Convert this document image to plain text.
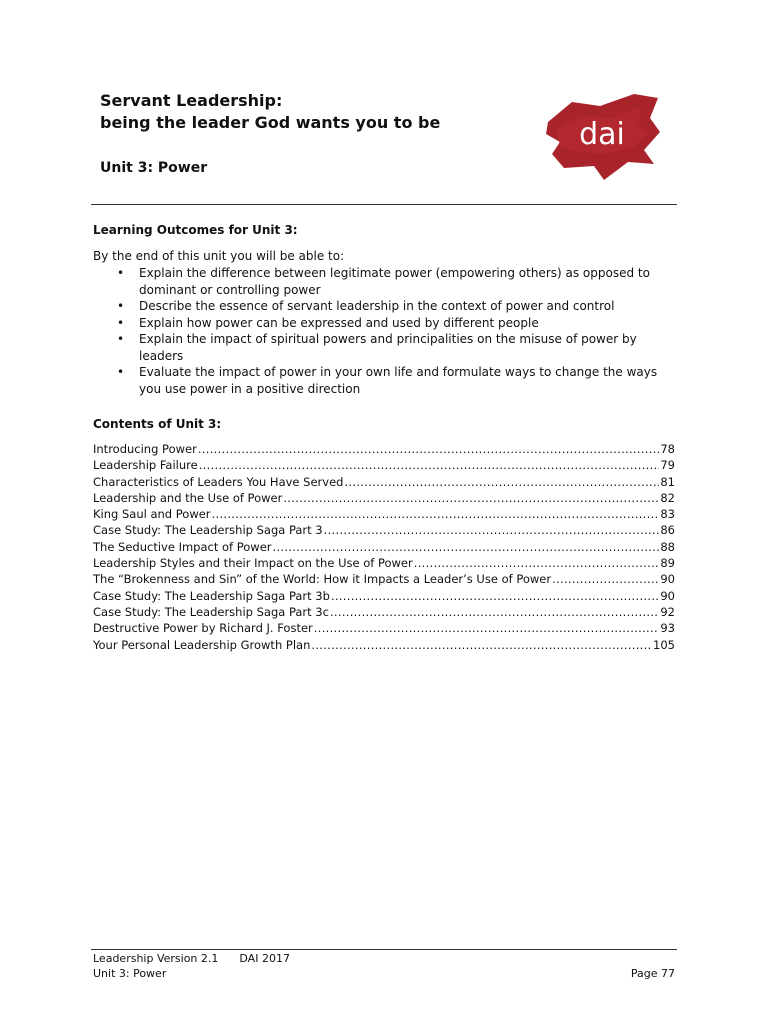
Servant Leadership:
being the leader God wants you to be
Unit 3: Power
dai
Learning Outcomes for Unit 3:
By the end of this unit you will be able to:
• Explain the difference between legitimate power (empowering others) as opposed to dominant or controlling power
• Describe the essence of servant leadership in the context of power and control
• Explain how power can be expressed and used by different people
• Explain the impact of spiritual powers and principalities on the misuse of power by leaders
• Evaluate the impact of power in your own life and formulate ways to change the ways you use power in a positive direction
Contents of Unit 3:
Introducing Power .....	78
Leadership Failure .....	79
Characteristics of Leaders You Have Served .....	81
Leadership and the Use of Power .....	82
King Saul and Power .....	83
Case Study: The Leadership Saga Part 3 .....	86
The Seductive Impact of Power .....	88
Leadership Styles and their Impact on the Use of Power .....	89
The “Brokenness and Sin” of the World: How it Impacts a Leader’s Use of Power .....	90
Case Study: The Leadership Saga Part 3b .....	90
Case Study: The Leadership Saga Part 3c .....	92
Destructive Power by Richard J. Foster .....	93
Your Personal Leadership Growth Plan .....	105
Leadership Version 2.1 DAI 2017
Unit 3: Power	Page 77
